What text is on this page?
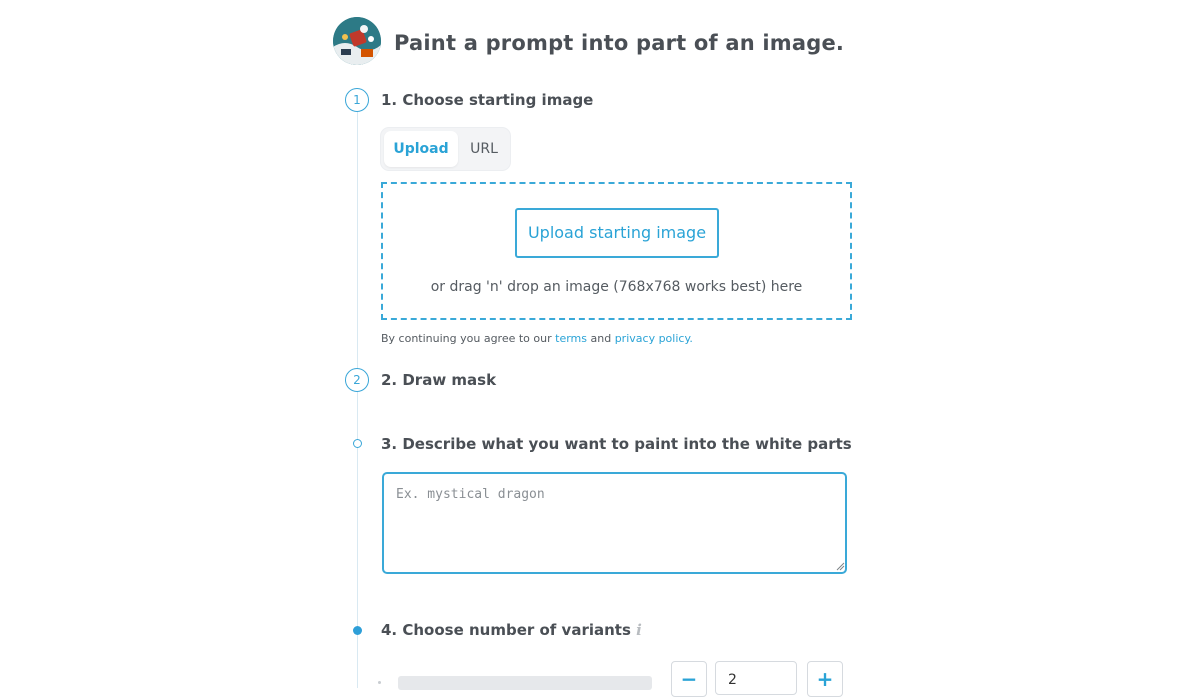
Paint a prompt into part of an image.
1	1. Choose starting image
Upload	URL
Upload starting image
or drag 'n' drop an image (768x768 works best) here
By continuing you agree to our terms and privacy policy.
2	2. Draw mask
3. Describe what you want to paint into the white parts
Ex. mystical dragon
4. Choose number of variants i
−	2	+
